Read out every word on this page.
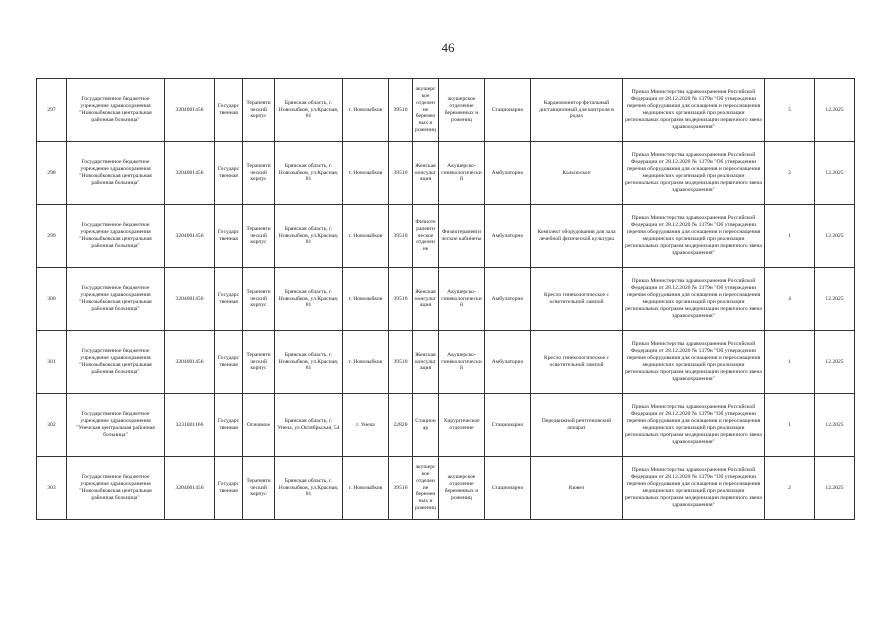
46
297	Государственное бюджетное учреждение здравоохранения "Новозыбковская центральная районная больница"	3204001456	Государственная	Терапевтический корпус	Брянская область, г. Новозыбков, ул.Красная, 81	г. Новозыбков	39510	акушерское отделение беременных и рожениц	акушерское отделение беременных и рожениц	Стационарно	Кардиомонитор фетальный дистанционный для контроля в родах	Приказ Министерства здравоохранения Российской Федерации от 28.12.2020 № 1379н "Об утверждении перечня оборудования для оснащения и переоснащения медицинских организаций при реализации региональных программ модернизации первичного звена здравоохранения"	5	12.2025
298	Государственное бюджетное учреждение здравоохранения "Новозыбковская центральная районная больница"	3204001456	Государственная	Терапевтический корпус	Брянская область, г. Новозыбков, ул.Красная, 81	г. Новозыбков	39510	Женская консультация	Акушерско-гинекологический	Амбулаторно	Кольпоскоп	Приказ Министерства здравоохранения Российской Федерации от 28.12.2020 № 1379н "Об утверждении перечня оборудования для оснащения и переоснащения медицинских организаций при реализации региональных программ модернизации первичного звена здравоохранения"	2	12.2025
299	Государственное бюджетное учреждение здравоохранения "Новозыбковская центральная районная больница"	3204001456	Государственная	Терапевтический корпус	Брянская область, г. Новозыбков, ул.Красная, 81	г. Новозыбков	39510	Физиотерапевтическое отделение	Физиотерапевтические кабинеты	Амбулаторно	Комплект оборудования для зала лечебной физической культуры	Приказ Министерства здравоохранения Российской Федерации от 28.12.2020 № 1379н "Об утверждении перечня оборудования для оснащения и переоснащения медицинских организаций при реализации региональных программ модернизации первичного звена здравоохранения"	1	12.2025
300	Государственное бюджетное учреждение здравоохранения "Новозыбковская центральная районная больница"	3204001456	Государственная	Терапевтический корпус	Брянская область, г. Новозыбков, ул.Красная, 81	г. Новозыбков	39510	Женская консультация	Акушерско-гинекологический	Амбулаторно	Кресло гинекологическое с осветительной лампой	Приказ Министерства здравоохранения Российской Федерации от 28.12.2020 № 1379н "Об утверждении перечня оборудования для оснащения и переоснащения медицинских организаций при реализации региональных программ модернизации первичного звена здравоохранения"	4	12.2025
301	Государственное бюджетное учреждение здравоохранения "Новозыбковская центральная районная больница"	3204001456	Государственная	Терапевтический корпус	Брянская область, г. Новозыбков, ул.Красная, 81	г. Новозыбков	39510	Женская консультация	Акушерско-гинекологический	Амбулаторно	Кресло гинекологическое с осветительной лампой	Приказ Министерства здравоохранения Российской Федерации от 28.12.2020 № 1379н "Об утверждении перечня оборудования для оснащения и переоснащения медицинских организаций при реализации региональных программ модернизации первичного звена здравоохранения"	1	12.2025
302	Государственное бюджетное учреждение здравоохранения "Унечская центральная районная больница"	3231001166	Государственная	Основное	Брянская область, г. Унеча, ул.Октябрьская, 54	г. Унеча	22820	Стационар	Хирургическое отделение	Стационарно	Передвижной рентгеновский аппарат	Приказ Министерства здравоохранения Российской Федерации от 28.12.2020 № 1379н "Об утверждении перечня оборудования для оснащения и переоснащения медицинских организаций при реализации региональных программ модернизации первичного звена здравоохранения"	1	12.2025
303	Государственное бюджетное учреждение здравоохранения "Новозыбковская центральная районная больница"	3204001456	Государственная	Терапевтический корпус	Брянская область, г. Новозыбков, ул.Красная, 81	г. Новозыбков	39510	акушерское отделение беременных и рожениц	акушерское отделение беременных и рожениц	Стационарно	Кювез	Приказ Министерства здравоохранения Российской Федерации от 28.12.2020 № 1379н "Об утверждении перечня оборудования для оснащения и переоснащения медицинских организаций при реализации региональных программ модернизации первичного звена здравоохранения"	2	12.2025
